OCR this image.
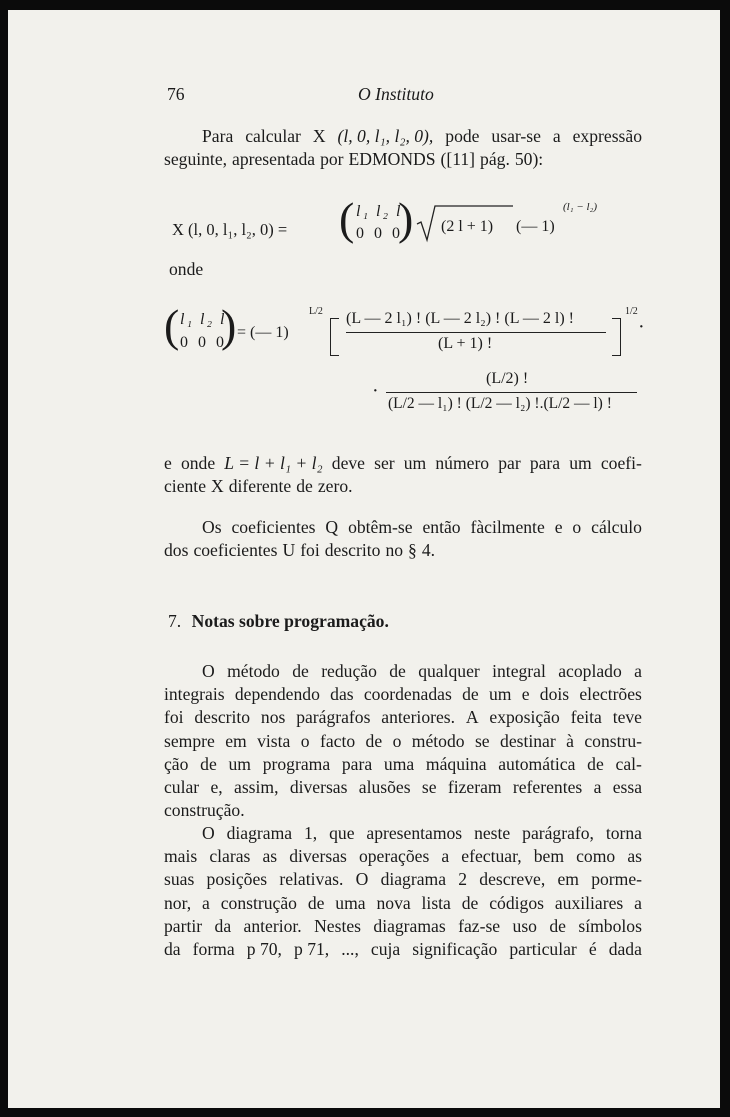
76	O Instituto
Para calcular X (l, 0, l₁, l₂, 0), pode usar-se a expressão
seguinte, apresentada por EDMONDS ([11] pág. 50):
X (l, 0, l₁, l₂, 0) = ( l₁ l₂ l
0 0 0
) (2 l + 1) (— 1)
(l₁ − l₂)
onde
( l₁ l₂ l
0 0 0
) = (— 1)
L/2 (L — 2 l₁) ! (L — 2 l₂) ! (L — 2 l) !
(L + 1) !
1/2
·
·
(L/2) !
(L/2 — l₁) ! (L/2 — l₂) !.(L/2 — l) !
e onde L = l + l₁ + l₂ deve ser um número par para um coefi-
ciente X diferente de zero.
Os coeficientes Q obtêm-se então fàcilmente e o cálculo
dos coeficientes U foi descrito no § 4.
7. Notas sobre programação.
O método de redução de qualquer integral acoplado a
integrais dependendo das coordenadas de um e dois electrões
foi descrito nos parágrafos anteriores. A exposição feita teve
sempre em vista o facto de o método se destinar à constru-
ção de um programa para uma máquina automática de cal-
cular e, assim, diversas alusões se fizeram referentes a essa
construção.
O diagrama 1, que apresentamos neste parágrafo, torna
mais claras as diversas operações a efectuar, bem como as
suas posições relativas. O diagrama 2 descreve, em porme-
nor, a construção de uma nova lista de códigos auxiliares a
partir da anterior. Nestes diagramas faz-se uso de símbolos
da forma p 70, p 71, ..., cuja significação particular é dada
